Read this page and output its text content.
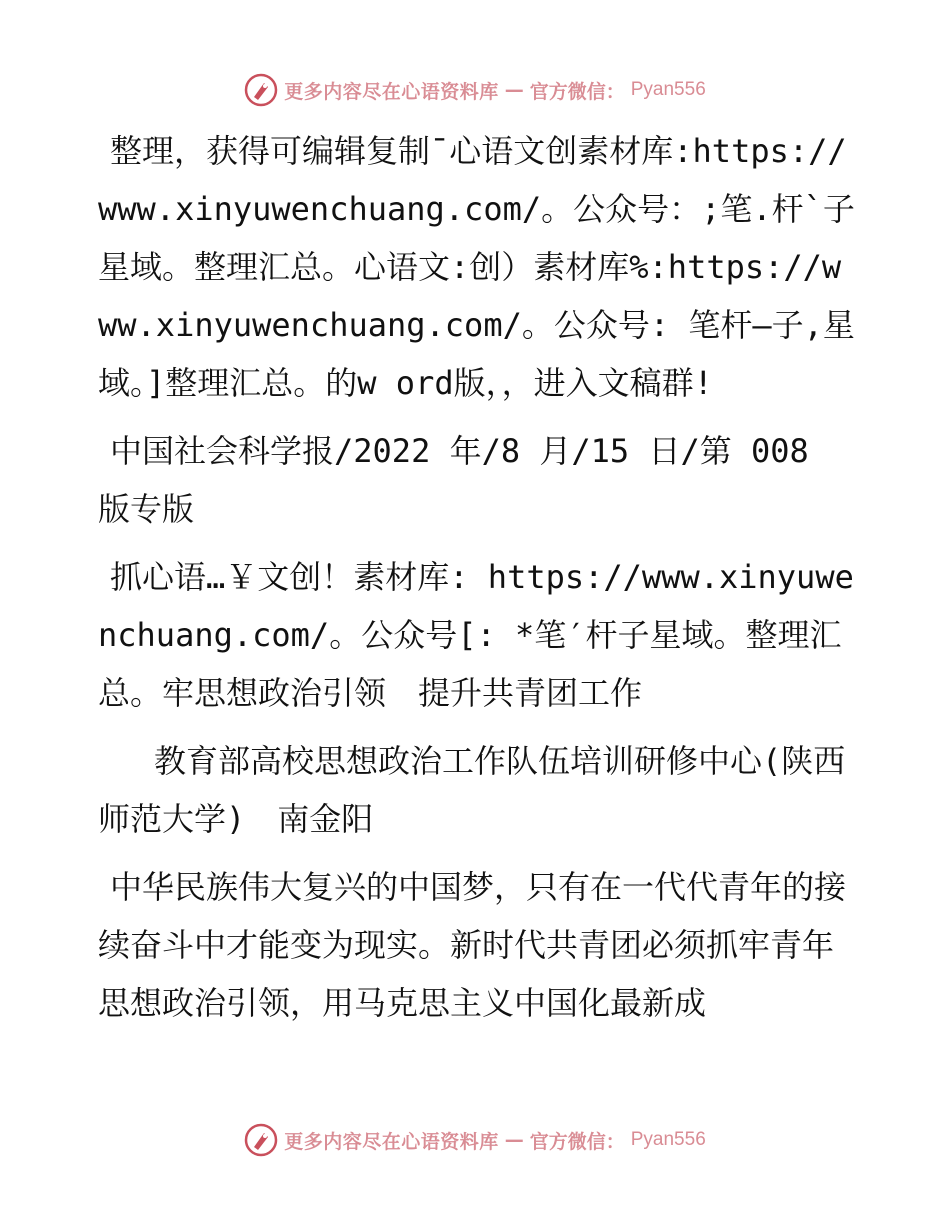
更多内容尽在心语资料库 — 官方微信： Pyan556

整理，获得可编辑复制¯心语文创素材库:https://www.xinyuwenchuang.com/。公众号：;笔.杆`子星域。整理汇总。心语文:创）素材库%:https://www.xinyuwenchuang.com/。公众号: 笔杆—子,星域。]整理汇总。的w ord版，，进入文稿群!

中国社会科学报/2022 年/8 月/15 日/第 008 版专版

抓心语…￥文创！素材库: https://www.xinyuwenchuang.com/。公众号[: *笔′杆子星域。整理汇总。牢思想政治引领　提升共青团工作

教育部高校思想政治工作队伍培训研修中心(陕西师范大学)　南金阳

中华民族伟大复兴的中国梦，只有在一代代青年的接续奋斗中才能变为现实。新时代共青团必须抓牢青年思想政治引领，用马克思主义中国化最新成

更多内容尽在心语资料库 — 官方微信： Pyan556
